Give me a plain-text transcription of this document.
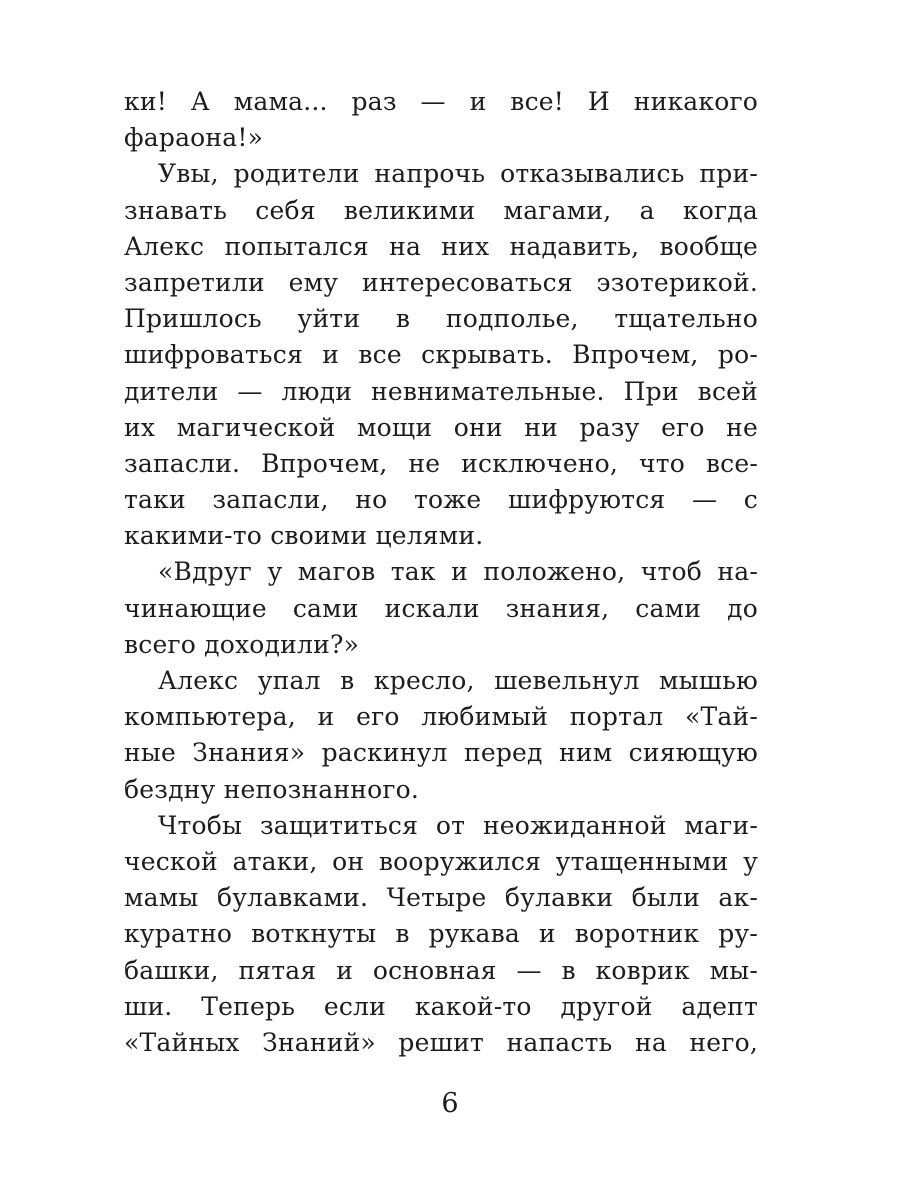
ки! А мама... раз — и все! И никакого
фараона!»
Увы, родители напрочь отказывались при-
знавать себя великими магами, а когда
Алекс попытался на них надавить, вообще
запретили ему интересоваться эзотерикой.
Пришлось уйти в подполье, тщательно
шифроваться и все скрывать. Впрочем, ро-
дители — люди невнимательные. При всей
их магической мощи они ни разу его не
запасли. Впрочем, не исключено, что все-
таки запасли, но тоже шифруются — с
какими-то своими целями.
«Вдруг у магов так и положено, чтоб на-
чинающие сами искали знания, сами до
всего доходили?»
Алекс упал в кресло, шевельнул мышью
компьютера, и его любимый портал «Тай-
ные Знания» раскинул перед ним сияющую
бездну непознанного.
Чтобы защититься от неожиданной маги-
ческой атаки, он вооружился утащенными у
мамы булавками. Четыре булавки были ак-
куратно воткнуты в рукава и воротник ру-
башки, пятая и основная — в коврик мы-
ши. Теперь если какой-то другой адепт
«Тайных Знаний» решит напасть на него,
6
